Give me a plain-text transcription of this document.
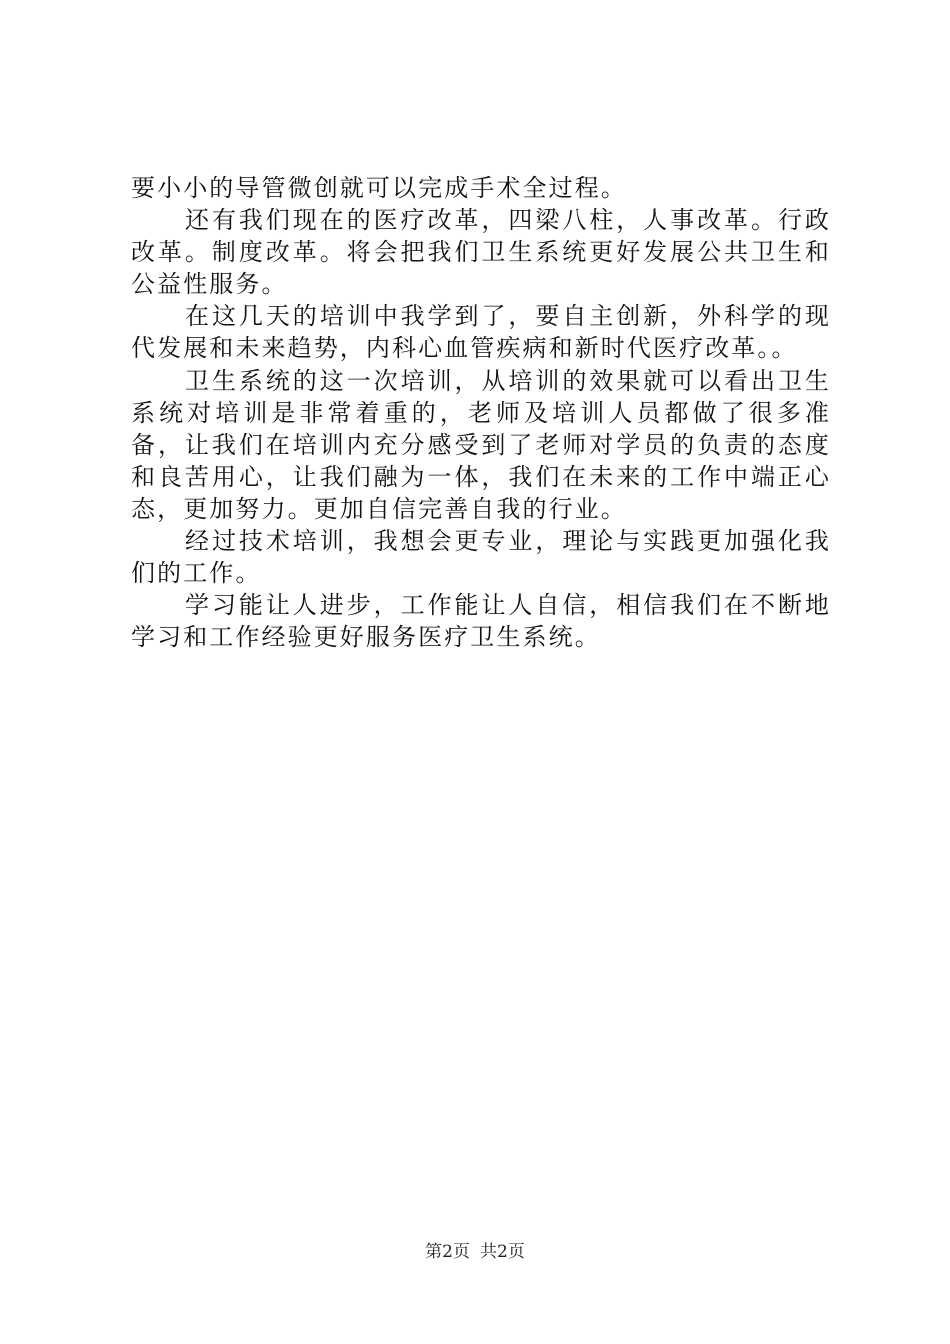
要小小的导管微创就可以完成手术全过程。

还有我们现在的医疗改革，四梁八柱，人事改革。行政改革。制度改革。将会把我们卫生系统更好发展公共卫生和公益性服务。

在这几天的培训中我学到了，要自主创新，外科学的现代发展和未来趋势，内科心血管疾病和新时代医疗改革。。

卫生系统的这一次培训，从培训的效果就可以看出卫生系统对培训是非常着重的，老师及培训人员都做了很多准备，让我们在培训内充分感受到了老师对学员的负责的态度和良苦用心，让我们融为一体，我们在未来的工作中端正心态，更加努力。更加自信完善自我的行业。

经过技术培训，我想会更专业，理论与实践更加强化我们的工作。

学习能让人进步，工作能让人自信，相信我们在不断地学习和工作经验更好服务医疗卫生系统。

第2页 共2页
